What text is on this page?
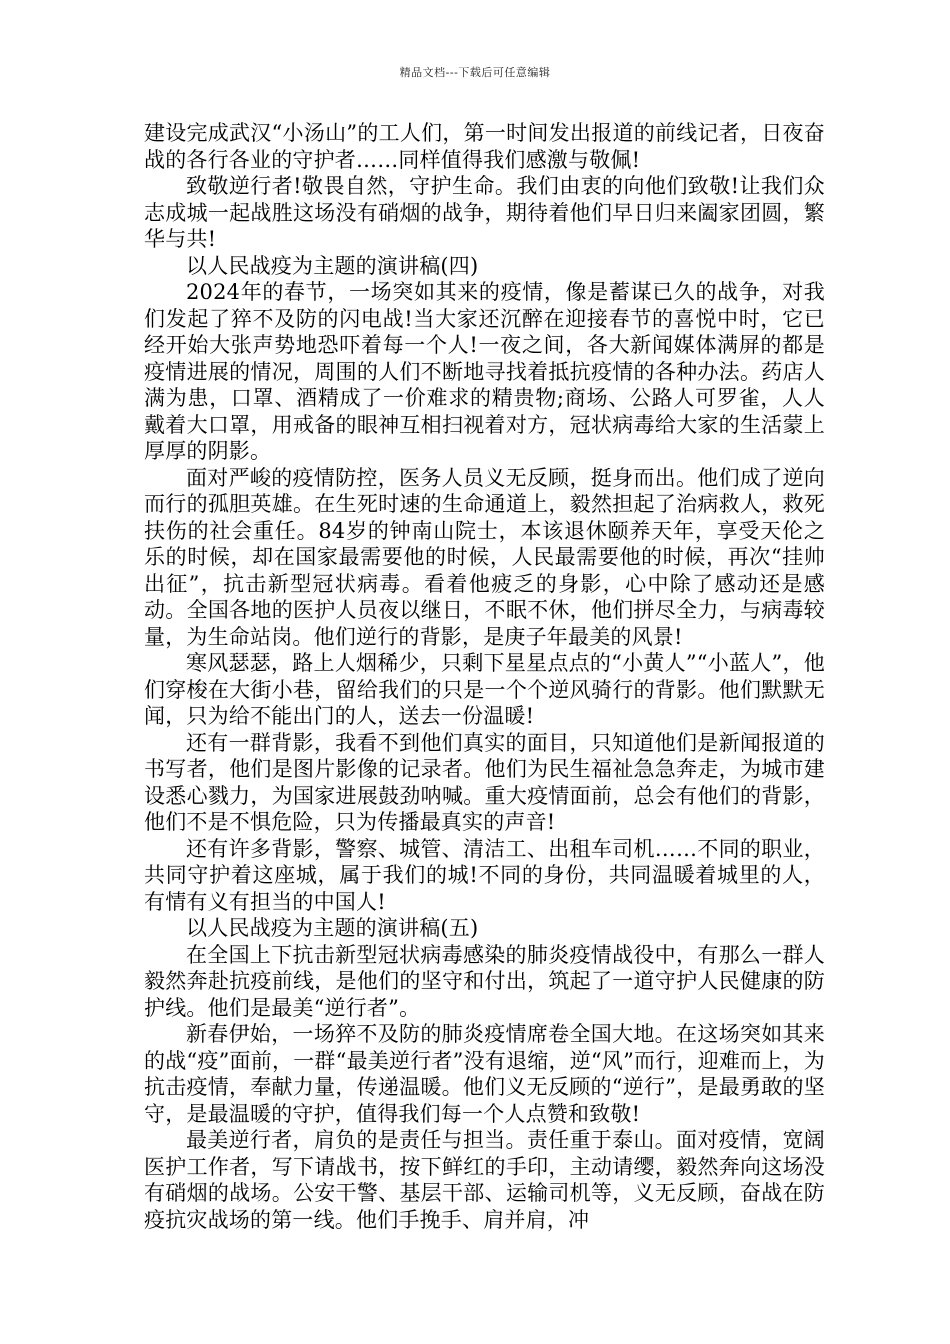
精品文档---下载后可任意编辑

建设完成武汉“小汤山”的工人们，第一时间发出报道的前线记者，日夜奋战的各行各业的守护者……同样值得我们感激与敬佩!

致敬逆行者!敬畏自然，守护生命。我们由衷的向他们致敬!让我们众志成城一起战胜这场没有硝烟的战争，期待着他们早日归来阖家团圆，繁华与共!

以人民战疫为主题的演讲稿(四)

2024年的春节，一场突如其来的疫情，像是蓄谋已久的战争，对我们发起了猝不及防的闪电战!当大家还沉醉在迎接春节的喜悦中时，它已经开始大张声势地恐吓着每一个人!一夜之间，各大新闻媒体满屏的都是疫情进展的情况，周围的人们不断地寻找着抵抗疫情的各种办法。药店人满为患，口罩、酒精成了一价难求的精贵物;商场、公路人可罗雀，人人戴着大口罩，用戒备的眼神互相扫视着对方，冠状病毒给大家的生活蒙上厚厚的阴影。

面对严峻的疫情防控，医务人员义无反顾，挺身而出。他们成了逆向而行的孤胆英雄。在生死时速的生命通道上，毅然担起了治病救人，救死扶伤的社会重任。84岁的钟南山院士，本该退休颐养天年，享受天伦之乐的时候，却在国家最需要他的时候，人民最需要他的时候，再次“挂帅出征”，抗击新型冠状病毒。看着他疲乏的身影，心中除了感动还是感动。全国各地的医护人员夜以继日，不眠不休，他们拼尽全力，与病毒较量，为生命站岗。他们逆行的背影，是庚子年最美的风景!

寒风瑟瑟，路上人烟稀少，只剩下星星点点的“小黄人”“小蓝人”，他们穿梭在大街小巷，留给我们的只是一个个逆风骑行的背影。他们默默无闻，只为给不能出门的人，送去一份温暖!

还有一群背影，我看不到他们真实的面目，只知道他们是新闻报道的书写者，他们是图片影像的记录者。他们为民生福祉急急奔走，为城市建设悉心戮力，为国家进展鼓劲呐喊。重大疫情面前，总会有他们的背影，他们不是不惧危险，只为传播最真实的声音!

还有许多背影，警察、城管、清洁工、出租车司机……不同的职业，共同守护着这座城，属于我们的城!不同的身份，共同温暖着城里的人，有情有义有担当的中国人!

以人民战疫为主题的演讲稿(五)

在全国上下抗击新型冠状病毒感染的肺炎疫情战役中，有那么一群人毅然奔赴抗疫前线，是他们的坚守和付出，筑起了一道守护人民健康的防护线。他们是最美“逆行者”。

新春伊始，一场猝不及防的肺炎疫情席卷全国大地。在这场突如其来的战“疫”面前，一群“最美逆行者”没有退缩，逆“风”而行，迎难而上，为抗击疫情，奉献力量，传递温暖。他们义无反顾的“逆行”，是最勇敢的坚守，是最温暖的守护，值得我们每一个人点赞和致敬!

最美逆行者，肩负的是责任与担当。责任重于泰山。面对疫情，宽阔医护工作者，写下请战书，按下鲜红的手印，主动请缨，毅然奔向这场没有硝烟的战场。公安干警、基层干部、运输司机等，义无反顾，奋战在防疫抗灾战场的第一线。他们手挽手、肩并肩，冲
